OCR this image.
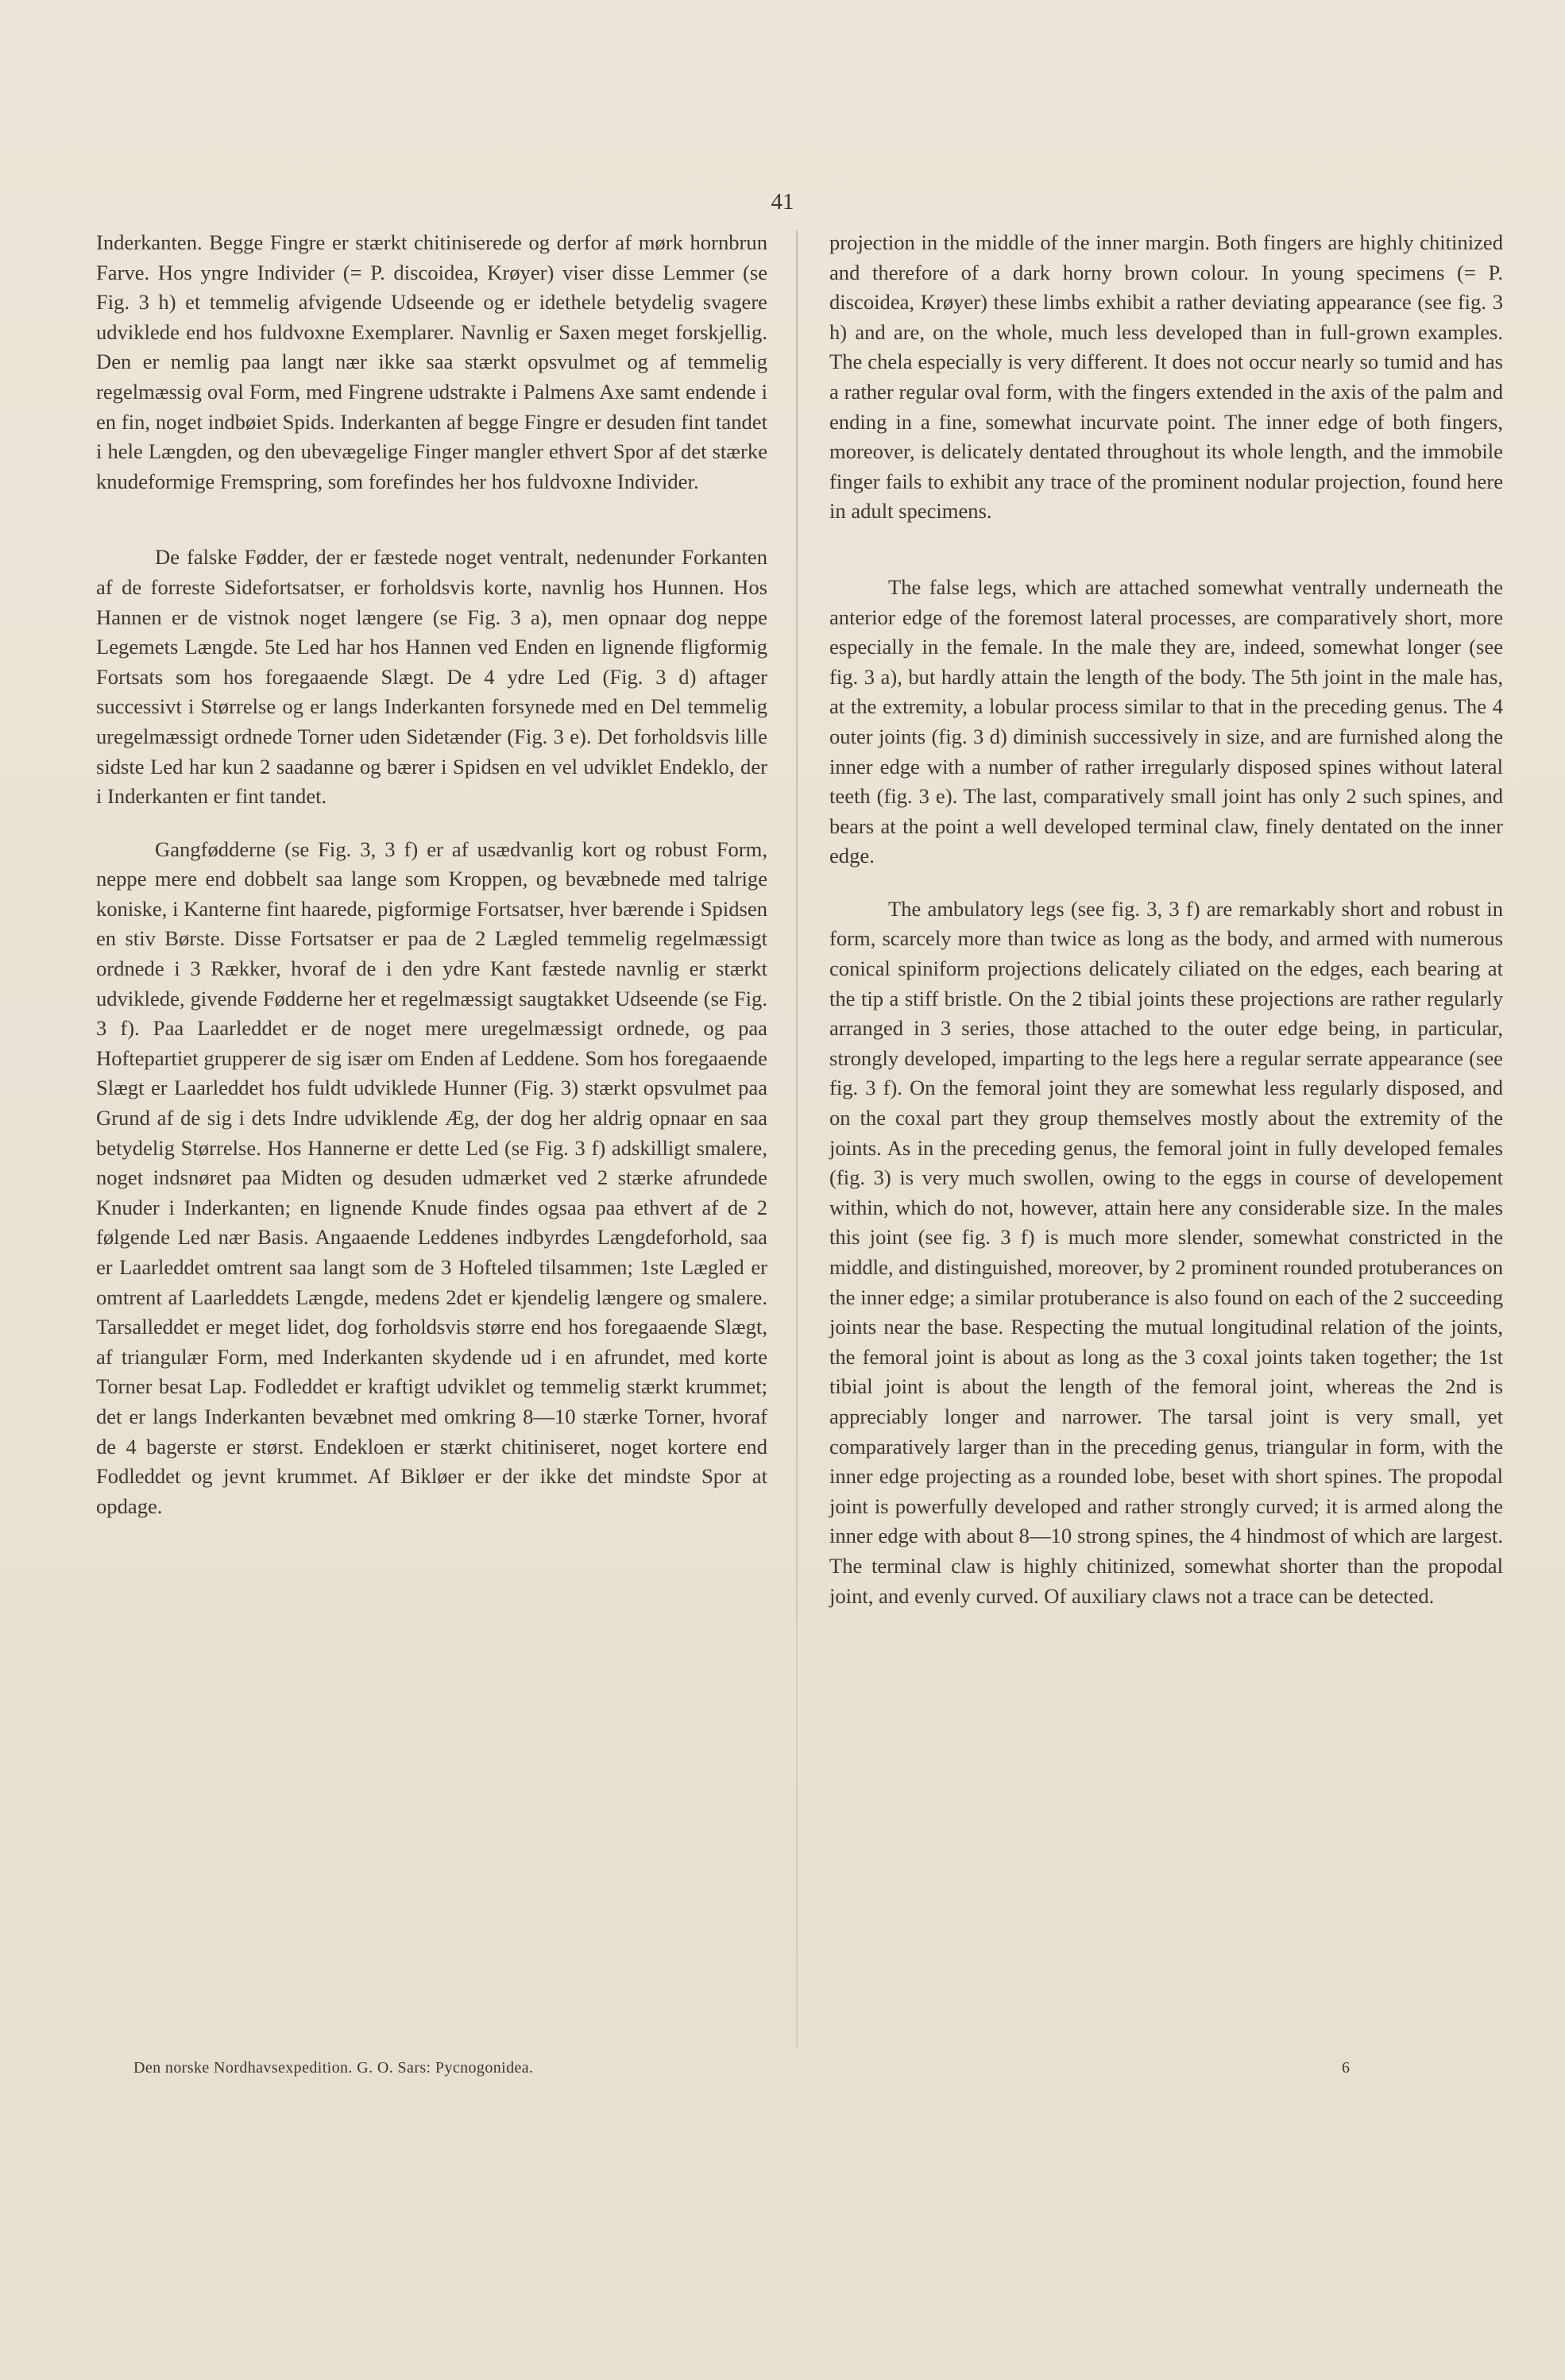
41

Inderkanten. Begge Fingre er stærkt chitiniserede og derfor af mørk hornbrun Farve. Hos yngre Individer (= P. discoidea, Krøyer) viser disse Lemmer (se Fig. 3 h) et temmelig afvigende Udseende og er idethele betydelig svagere udviklede end hos fuldvoxne Exemplarer. Navnlig er Saxen meget forskjellig. Den er nemlig paa langt nær ikke saa stærkt opsvulmet og af temmelig regelmæssig oval Form, med Fingrene udstrakte i Palmens Axe samt endende i en fin, noget indbøiet Spids. Inderkanten af begge Fingre er desuden fint tandet i hele Længden, og den ubevægelige Finger mangler ethvert Spor af det stærke knudeformige Fremspring, som forefindes her hos fuldvoxne Individer.

De falske Fødder, der er fæstede noget ventralt, nedenunder Forkanten af de forreste Sidefortsatser, er forholdsvis korte, navnlig hos Hunnen. Hos Hannen er de vistnok noget længere (se Fig. 3 a), men opnaar dog neppe Legemets Længde. 5te Led har hos Hannen ved Enden en lignende fligformig Fortsats som hos foregaaende Slægt. De 4 ydre Led (Fig. 3 d) aftager successivt i Størrelse og er langs Inderkanten forsynede med en Del temmelig uregelmæssigt ordnede Torner uden Sidetænder (Fig. 3 e). Det forholdsvis lille sidste Led har kun 2 saadanne og bærer i Spidsen en vel udviklet Endeklo, der i Inderkanten er fint tandet.

Gangfødderne (se Fig. 3, 3 f) er af usædvanlig kort og robust Form, neppe mere end dobbelt saa lange som Kroppen, og bevæbnede med talrige koniske, i Kanterne fint haarede, pigformige Fortsatser, hver bærende i Spidsen en stiv Børste. Disse Fortsatser er paa de 2 Lægled temmelig regelmæssigt ordnede i 3 Rækker, hvoraf de i den ydre Kant fæstede navnlig er stærkt udviklede, givende Fødderne her et regelmæssigt saugtakket Udseende (se Fig. 3 f). Paa Laarleddet er de noget mere uregelmæssigt ordnede, og paa Hoftepartiet grupperer de sig især om Enden af Leddene. Som hos foregaaende Slægt er Laarleddet hos fuldt udviklede Hunner (Fig. 3) stærkt opsvulmet paa Grund af de sig i dets Indre udviklende Æg, der dog her aldrig opnaar en saa betydelig Størrelse. Hos Hannerne er dette Led (se Fig. 3 f) adskilligt smalere, noget indsnøret paa Midten og desuden udmærket ved 2 stærke afrundede Knuder i Inderkanten; en lignende Knude findes ogsaa paa ethvert af de 2 følgende Led nær Basis. Angaaende Leddenes indbyrdes Længdeforhold, saa er Laarleddet omtrent saa langt som de 3 Hofteled tilsammen; 1ste Lægled er omtrent af Laarleddets Længde, medens 2det er kjendelig længere og smalere. Tarsalleddet er meget lidet, dog forholdsvis større end hos foregaaende Slægt, af triangulær Form, med Inderkanten skydende ud i en afrundet, med korte Torner besat Lap. Fodleddet er kraftigt udviklet og temmelig stærkt krummet; det er langs Inderkanten bevæbnet med omkring 8—10 stærke Torner, hvoraf de 4 bagerste er størst. Endekloen er stærkt chitiniseret, noget kortere end Fodleddet og jevnt krummet. Af Bikløer er der ikke det mindste Spor at opdage.

projection in the middle of the inner margin. Both fingers are highly chitinized and therefore of a dark horny brown colour. In young specimens (= P. discoidea, Krøyer) these limbs exhibit a rather deviating appearance (see fig. 3 h) and are, on the whole, much less developed than in full-grown examples. The chela especially is very different. It does not occur nearly so tumid and has a rather regular oval form, with the fingers extended in the axis of the palm and ending in a fine, somewhat incurvate point. The inner edge of both fingers, moreover, is delicately dentated throughout its whole length, and the immobile finger fails to exhibit any trace of the prominent nodular projection, found here in adult specimens.

The false legs, which are attached somewhat ventrally underneath the anterior edge of the foremost lateral processes, are comparatively short, more especially in the female. In the male they are, indeed, somewhat longer (see fig. 3 a), but hardly attain the length of the body. The 5th joint in the male has, at the extremity, a lobular process similar to that in the preceding genus. The 4 outer joints (fig. 3 d) diminish successively in size, and are furnished along the inner edge with a number of rather irregularly disposed spines without lateral teeth (fig. 3 e). The last, comparatively small joint has only 2 such spines, and bears at the point a well developed terminal claw, finely dentated on the inner edge.

The ambulatory legs (see fig. 3, 3 f) are remarkably short and robust in form, scarcely more than twice as long as the body, and armed with numerous conical spiniform projections delicately ciliated on the edges, each bearing at the tip a stiff bristle. On the 2 tibial joints these projections are rather regularly arranged in 3 series, those attached to the outer edge being, in particular, strongly developed, imparting to the legs here a regular serrate appearance (see fig. 3 f). On the femoral joint they are somewhat less regularly disposed, and on the coxal part they group themselves mostly about the extremity of the joints. As in the preceding genus, the femoral joint in fully developed females (fig. 3) is very much swollen, owing to the eggs in course of developement within, which do not, however, attain here any considerable size. In the males this joint (see fig. 3 f) is much more slender, somewhat constricted in the middle, and distinguished, moreover, by 2 prominent rounded protuberances on the inner edge; a similar protuberance is also found on each of the 2 succeeding joints near the base. Respecting the mutual longitudinal relation of the joints, the femoral joint is about as long as the 3 coxal joints taken together; the 1st tibial joint is about the length of the femoral joint, whereas the 2nd is appreciably longer and narrower. The tarsal joint is very small, yet comparatively larger than in the preceding genus, triangular in form, with the inner edge projecting as a rounded lobe, beset with short spines. The propodal joint is powerfully developed and rather strongly curved; it is armed along the inner edge with about 8—10 strong spines, the 4 hindmost of which are largest. The terminal claw is highly chitinized, somewhat shorter than the propodal joint, and evenly curved. Of auxiliary claws not a trace can be detected.

Den norske Nordhavsexpedition. G. O. Sars: Pycnogonidea.	6
